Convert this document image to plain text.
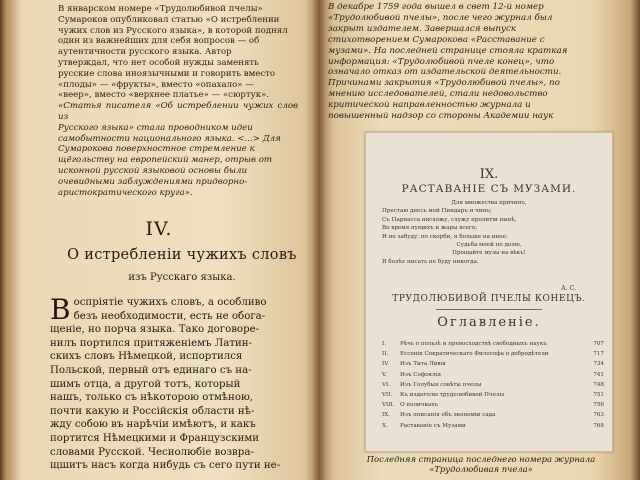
В январском номере «Трудолюбивой пчелы»

Сумароков опубликовал статью «О истреблении

чужих слов из Русского языка», в которой поднял

один из важнейших для себя вопросов — об

аутентичности русского языка. Автор

утверждал, что нет особой нужды заменять

русские слова иноязычными и говорить вместо

«плоды» — «фрукты», вместо «опахало» —

«веер», вместо «верхнее платье» — «сюртук».

«Статья писателя «Об истреблении чужих слов из

Русского языка» стала проводником идеи

самобытности национального языка. <...> Для

Сумарокова поверхностное стремление к

щёгольству на европейский манер, отрыв от

исконной русской языковой основы были

очевидными заблуждениями придворно-

аристократического круга».

IV.
О истребленіи чужихъ словъ
изъ Русскаго языка.
В оспріятіе чужихъ словъ, а особливо
безъ необходимости, есть не обога-
щеніе, но порча языка. Тако договоре-
нилъ портился притяженіемъ Латин-
скихъ словъ Нѣмецкой, испортился
Польской, первый отъ единаго съ на-
шимъ отца, а другой тотъ, который
нашъ, только съ нѣкоторою отмѣною,
почти какую и Россійскія области нѣ-
жду собою въ нарѣчіи имѣютъ, и какъ
портится Нѣмецкими и Французскими
словами Русской. Чесиолюбіе возвра-
щшитъ насъ когда нибудь съ сего пути не-

В декабре 1759 года вышел в свет 12-й номер

«Трудолюбивой пчелы», после чего журнал был

закрыт издателем. Завершался выпуск

стихотворением Сумарокова «Расставание с

музами». На последней странице стояла краткая

информация: «Трудолюбивой пчеле конец», что

означало отказ от издательской деятельности.

Причинами закрытия «Трудолюбивой пчелы», по

мнению исследователей, стали недовольство

критической направленностью журнала и

повышенный надзор со стороны Академии наук

IX.
РАСТАВАНІЕ СЪ МУЗАМИ.
Для множества причинъ,
Престаю днесь мой Пиндаръ и чинъ;
Съ Парнасса нисхожу, служу пролитіи нынѣ,
Во время пущихъ и жары всего;
И не забуду, по скорби, я больше на иное:
Судьба моей по долю,
Прощайте музы на вѣкъ!
Я болѣе писать не буду никогда.
А. С.
ТРУДОЛЮБИВОЙ ПЧЕЛЫ КОНЕЦЪ.
Оглавленіе.
I.	Рѣчь о пользѣ и превосходствѣ свободныхъ наукъ	707
II.	Ессенія Сократическаго Философа о добродѣтели	717
IV.	Изъ Тита Ливія	734
V.	Изъ Софоклія	741
VI.	Изъ Голубыя совѣты пчелы	748
VII.	Къ издателю трудолюбивой Пчелы	751
VIII. О поличкахъ	756
IX.	Изъ описанія объ экономіи сада	763
X.	Раставаніе съ Музами	768
Последняя страница последнего номера журнала
«Трудолюбивая пчела»
